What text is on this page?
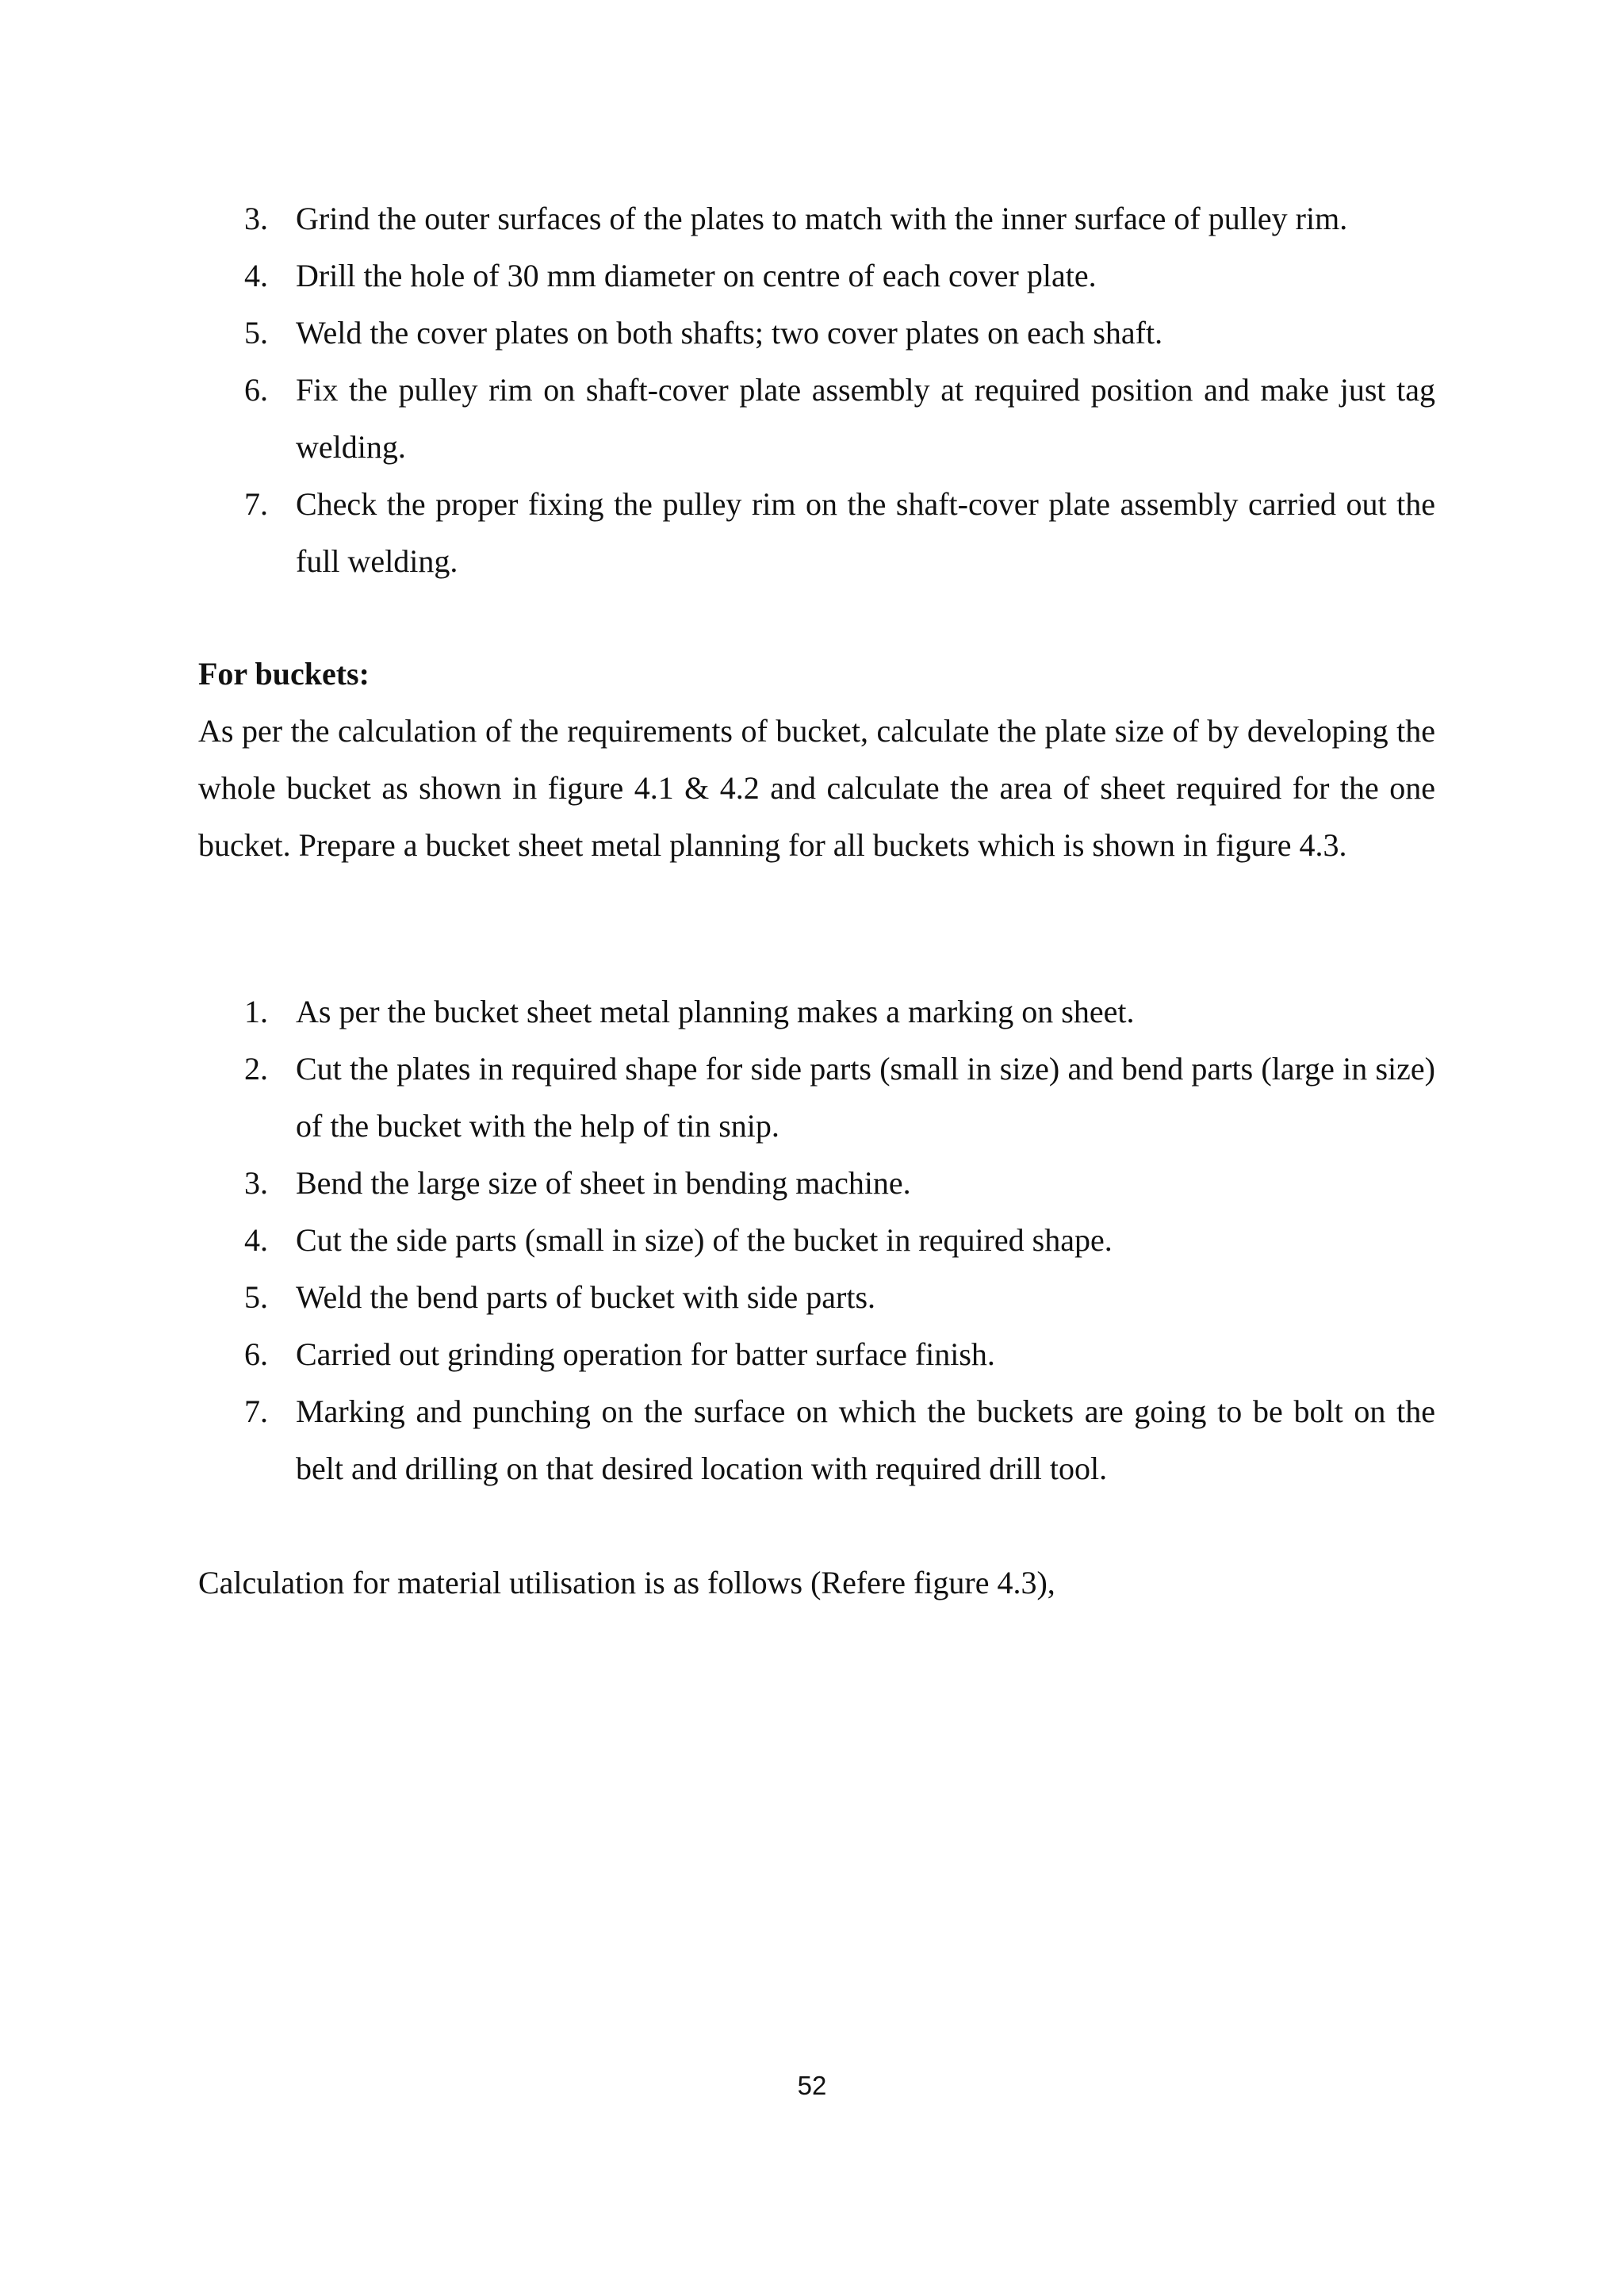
3. Grind the outer surfaces of the plates to match with the inner surface of pulley rim.
4. Drill the hole of 30 mm diameter on centre of each cover plate.
5. Weld the cover plates on both shafts; two cover plates on each shaft.
6. Fix the pulley rim on shaft-cover plate assembly at required position and make just tag welding.
7. Check the proper fixing the pulley rim on the shaft-cover plate assembly carried out the full welding.
For buckets:
As per the calculation of the requirements of bucket, calculate the plate size of by developing the whole bucket as shown in figure 4.1 & 4.2 and calculate the area of sheet required for the one bucket. Prepare a bucket sheet metal planning for all buckets which is shown in figure 4.3.
1. As per the bucket sheet metal planning makes a marking on sheet.
2. Cut the plates in required shape for side parts (small in size) and bend parts (large in size) of the bucket with the help of tin snip.
3. Bend the large size of sheet in bending machine.
4. Cut the side parts (small in size) of the bucket in required shape.
5. Weld the bend parts of bucket with side parts.
6. Carried out grinding operation for batter surface finish.
7. Marking and punching on the surface on which the buckets are going to be bolt on the belt and drilling on that desired location with required drill tool.
Calculation for material utilisation is as follows (Refere figure 4.3),
52
